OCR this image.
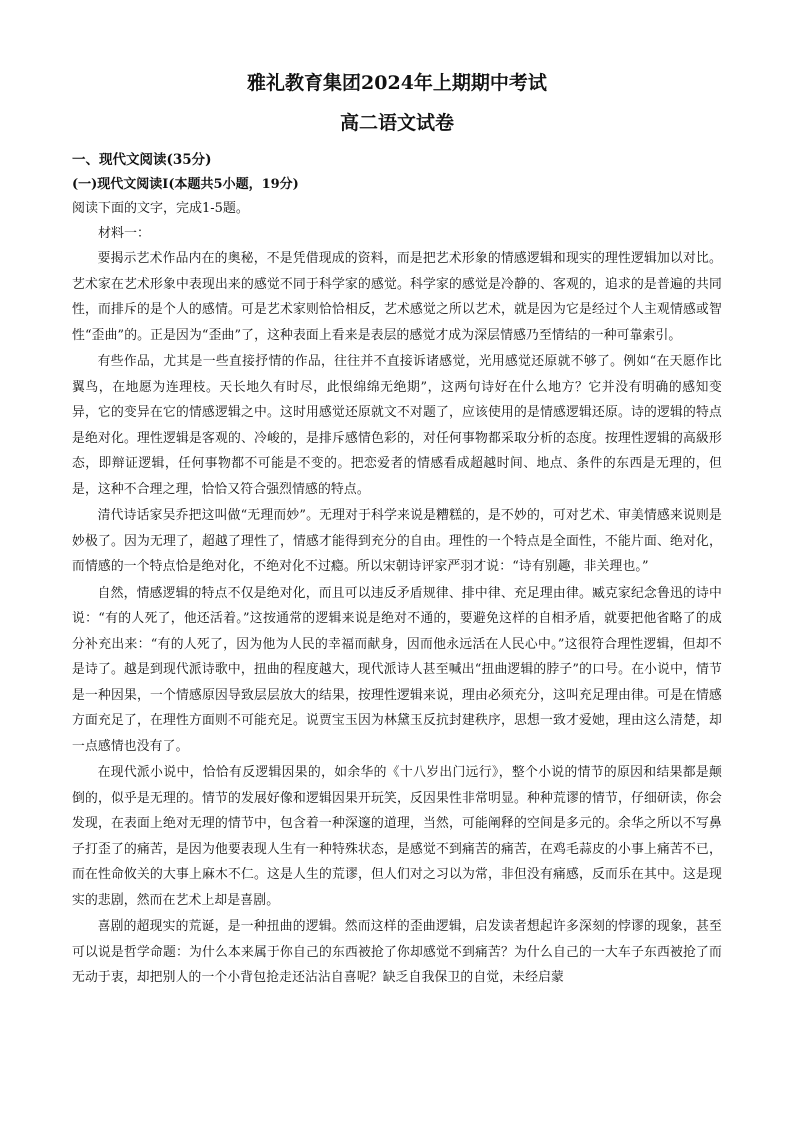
雅礼教育集团2024年上期期中考试
高二语文试卷
一、现代文阅读(35分)
(一)现代文阅读Ⅰ(本题共5小题，19分)
阅读下面的文字，完成1-5题。
材料一：

要揭示艺术作品内在的奥秘，不是凭借现成的资料，而是把艺术形象的情感逻辑和现实的理性逻辑加以对比。艺术家在艺术形象中表现出来的感觉不同于科学家的感觉。科学家的感觉是冷静的、客观的，追求的是普遍的共同性，而排斥的是个人的感情。可是艺术家则恰恰相反，艺术感觉之所以艺术，就是因为它是经过个人主观情感或智性“歪曲”的。正是因为“歪曲”了，这种表面上看来是表层的感觉才成为深层情感乃至情结的一种可靠索引。

有些作品，尤其是一些直接抒情的作品，往往并不直接诉诸感觉，光用感觉还原就不够了。例如“在天愿作比翼鸟，在地愿为连理枝。天长地久有时尽，此恨绵绵无绝期”，这两句诗好在什么地方？它并没有明确的感知变异，它的变异在它的情感逻辑之中。这时用感觉还原就文不对题了，应该使用的是情感逻辑还原。诗的逻辑的特点是绝对化。理性逻辑是客观的、冷峻的，是排斥感情色彩的，对任何事物都采取分析的态度。按理性逻辑的高級形态，即辩证逻辑，任何事物都不可能是不变的。把恋爱者的情感看成超越时间、地点、条件的东西是无理的，但是，这种不合理之理，恰恰又符合强烈情感的特点。

清代诗话家吴乔把这叫做“无理而妙”。无理对于科学来说是糟糕的，是不妙的，可对艺术、审美情感来说则是妙极了。因为无理了，超越了理性了，情感才能得到充分的自由。理性的一个特点是全面性，不能片面、绝对化，而情感的一个特点恰是绝对化，不绝对化不过瘾。所以宋朝诗评家严羽才说：“诗有别趣，非关理也。”

自然，情感逻辑的特点不仅是绝对化，而且可以违反矛盾规律、排中律、充足理由律。臧克家纪念鲁迅的诗中说：“有的人死了，他还活着。”这按通常的逻辑来说是绝对不通的，要避免这样的自相矛盾，就要把他省略了的成分补充出来：“有的人死了，因为他为人民的幸福而献身，因而他永远活在人民心中。”这很符合理性逻辑，但却不是诗了。越是到现代派诗歌中，扭曲的程度越大，现代派诗人甚至喊出“扭曲逻辑的脖子”的口号。在小说中，情节是一种因果，一个情感原因导致层层放大的结果，按理性逻辑来说，理由必须充分，这叫充足理由律。可是在情感方面充足了，在理性方面则不可能充足。说贾宝玉因为林黛玉反抗封建秩序，思想一致才爱她，理由这么清楚，却一点感情也没有了。

在现代派小说中，恰恰有反逻辑因果的，如余华的《十八岁出门远行》，整个小说的情节的原因和结果都是颠倒的，似乎是无理的。情节的发展好像和逻辑因果开玩笑，反因果性非常明显。种种荒谬的情节，仔细研读，你会发现，在表面上绝对无理的情节中，包含着一种深邃的道理，当然，可能阐释的空间是多元的。余华之所以不写鼻子打歪了的痛苦，是因为他要表现人生有一种特殊状态，是感觉不到痛苦的痛苦，在鸡毛蒜皮的小事上痛苦不已，而在性命攸关的大事上麻木不仁。这是人生的荒谬，但人们对之习以为常，非但没有痛感，反而乐在其中。这是现实的悲剧，然而在艺术上却是喜剧。

喜剧的超现实的荒诞，是一种扭曲的逻辑。然而这样的歪曲逻辑，启发读者想起许多深刻的悖谬的现象，甚至可以说是哲学命题：为什么本来属于你自己的东西被抢了你却感觉不到痛苦？为什么自己的一大车子东西被抢了而无动于衷，却把别人的一个小背包抢走还沾沾自喜呢？缺乏自我保卫的自觉，未经启蒙
